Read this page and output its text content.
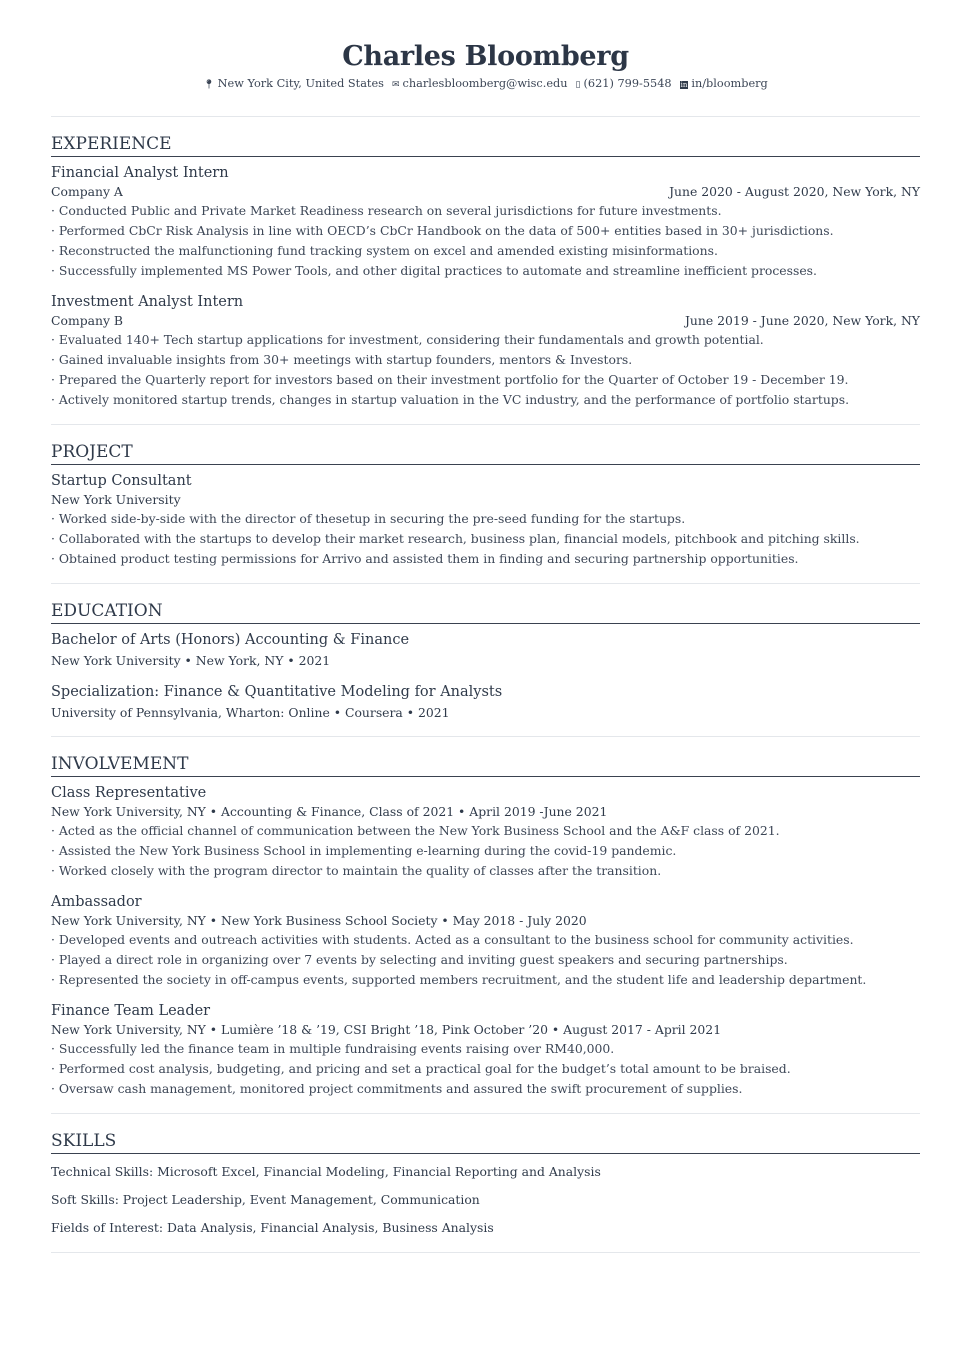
Charles Bloomberg
📍︎ New York City, United States ✉ charlesbloomberg@wisc.edu ▯ (621) 799-5548 in in/bloomberg
EXPERIENCE
Financial Analyst Intern
Company A	June 2020 - August 2020, New York, NY
· Conducted Public and Private Market Readiness research on several jurisdictions for future investments.
· Performed CbCr Risk Analysis in line with OECD’s CbCr Handbook on the data of 500+ entities based in 30+ jurisdictions.
· Reconstructed the malfunctioning fund tracking system on excel and amended existing misinformations.
· Successfully implemented MS Power Tools, and other digital practices to automate and streamline inefficient processes.
Investment Analyst Intern
Company B	June 2019 - June 2020, New York, NY
· Evaluated 140+ Tech startup applications for investment, considering their fundamentals and growth potential.
· Gained invaluable insights from 30+ meetings with startup founders, mentors & Investors.
· Prepared the Quarterly report for investors based on their investment portfolio for the Quarter of October 19 - December 19.
· Actively monitored startup trends, changes in startup valuation in the VC industry, and the performance of portfolio startups.
PROJECT
Startup Consultant
New York University
· Worked side-by-side with the director of thesetup in securing the pre-seed funding for the startups.
· Collaborated with the startups to develop their market research, business plan, financial models, pitchbook and pitching skills.
· Obtained product testing permissions for Arrivo and assisted them in finding and securing partnership opportunities.
EDUCATION
Bachelor of Arts (Honors) Accounting & Finance
New York University • New York, NY • 2021
Specialization: Finance & Quantitative Modeling for Analysts
University of Pennsylvania, Wharton: Online • Coursera • 2021
INVOLVEMENT
Class Representative
New York University, NY • Accounting & Finance, Class of 2021 • April 2019 -June 2021
· Acted as the official channel of communication between the New York Business School and the A&F class of 2021.
· Assisted the New York Business School in implementing e-learning during the covid-19 pandemic.
· Worked closely with the program director to maintain the quality of classes after the transition.
Ambassador
New York University, NY • New York Business School Society • May 2018 - July 2020
· Developed events and outreach activities with students. Acted as a consultant to the business school for community activities.
· Played a direct role in organizing over 7 events by selecting and inviting guest speakers and securing partnerships.
· Represented the society in off-campus events, supported members recruitment, and the student life and leadership department.
Finance Team Leader
New York University, NY • Lumière ’18 & ’19, CSI Bright ’18, Pink October ’20 • August 2017 - April 2021
· Successfully led the finance team in multiple fundraising events raising over RM40,000.
· Performed cost analysis, budgeting, and pricing and set a practical goal for the budget’s total amount to be braised.
· Oversaw cash management, monitored project commitments and assured the swift procurement of supplies.
SKILLS
Technical Skills: Microsoft Excel, Financial Modeling, Financial Reporting and Analysis
Soft Skills: Project Leadership, Event Management, Communication
Fields of Interest: Data Analysis, Financial Analysis, Business Analysis
